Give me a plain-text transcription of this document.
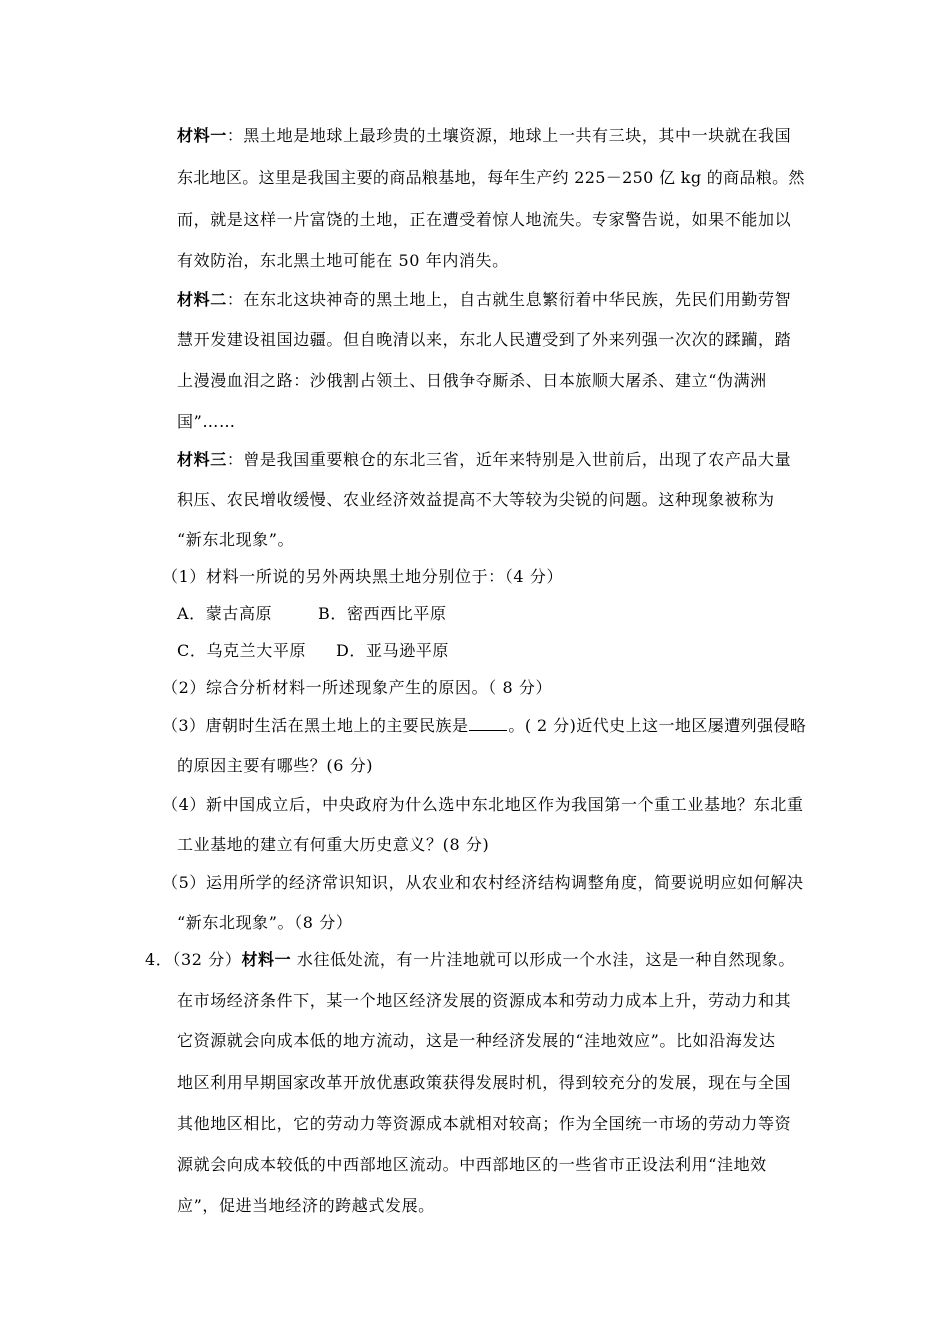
材料一：黑土地是地球上最珍贵的土壤资源，地球上一共有三块，其中一块就在我国
东北地区。这里是我国主要的商品粮基地，每年生产约 225－250 亿 kg 的商品粮。然
而，就是这样一片富饶的土地，正在遭受着惊人地流失。专家警告说，如果不能加以
有效防治，东北黑土地可能在 50 年内消失。
材料二：在东北这块神奇的黑土地上，自古就生息繁衍着中华民族，先民们用勤劳智
慧开发建设祖国边疆。但自晚清以来，东北人民遭受到了外来列强一次次的蹂躏，踏
上漫漫血泪之路：沙俄割占领土、日俄争夺厮杀、日本旅顺大屠杀、建立“伪满洲
国”……
材料三：曾是我国重要粮仓的东北三省，近年来特别是入世前后，出现了农产品大量
积压、农民增收缓慢、农业经济效益提高不大等较为尖锐的问题。这种现象被称为
“新东北现象”。
（1）材料一所说的另外两块黑土地分别位于：（4 分）
A．蒙古高原	B．密西西比平原
C．乌克兰大平原 D．亚马逊平原
（2）综合分析材料一所述现象产生的原因。（ 8 分）
（3）唐朝时生活在黑土地上的主要民族是	。( 2 分)近代史上这一地区屡遭列强侵略
的原因主要有哪些？(6 分)
（4）新中国成立后，中央政府为什么选中东北地区作为我国第一个重工业基地？东北重
工业基地的建立有何重大历史意义？(8 分)
（5）运用所学的经济常识知识，从农业和农村经济结构调整角度，简要说明应如何解决
“新东北现象”。（8 分）
4．（32 分）材料一 水往低处流，有一片洼地就可以形成一个水洼，这是一种自然现象。
在市场经济条件下，某一个地区经济发展的资源成本和劳动力成本上升，劳动力和其
它资源就会向成本低的地方流动，这是一种经济发展的“洼地效应”。比如沿海发达
地区利用早期国家改革开放优惠政策获得发展时机，得到较充分的发展，现在与全国
其他地区相比，它的劳动力等资源成本就相对较高；作为全国统一市场的劳动力等资
源就会向成本较低的中西部地区流动。中西部地区的一些省市正设法利用“洼地效
应”，促进当地经济的跨越式发展。
